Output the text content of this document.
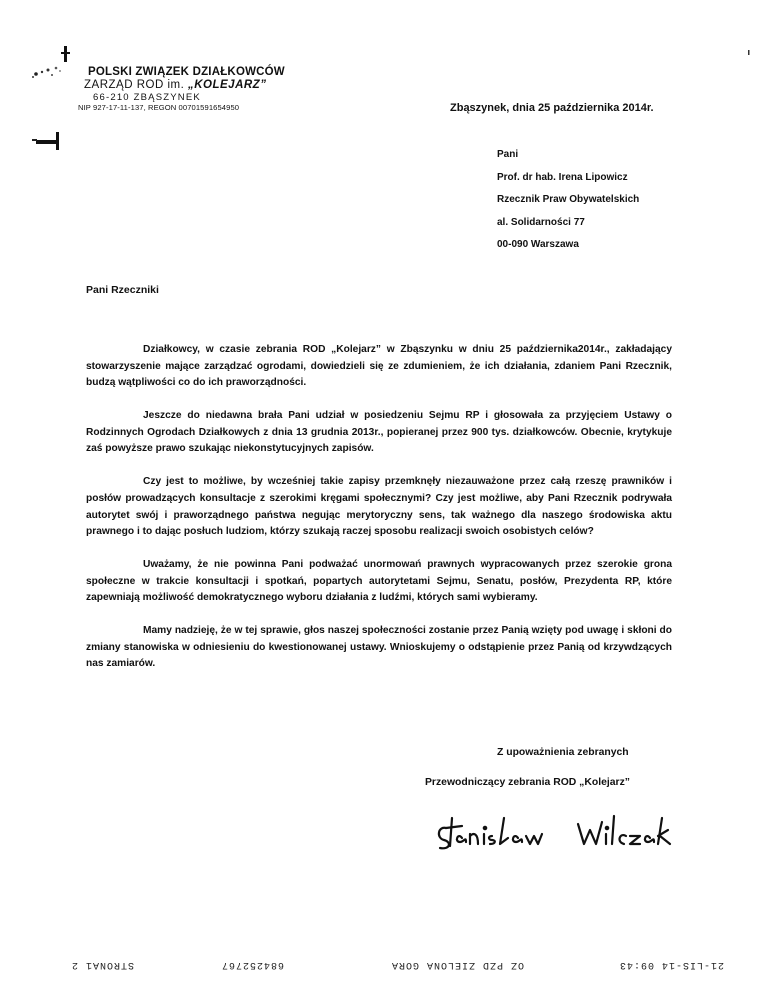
POLSKI ZWIĄZEK DZIAŁKOWCÓW
ZARZĄD ROD im. „KOLEJARZ”
66-210 ZBĄSZYNEK
NIP 927-17-11-137, REGON 00701591654950	Zbąszynek, dnia 25 października 2014r.
Pani
Prof. dr hab. Irena Lipowicz
Rzecznik Praw Obywatelskich
al. Solidarności 77
00-090 Warszawa
Pani Rzeczniki

Działkowcy, w czasie zebrania ROD „Kolejarz” w Zbąszynku w dniu 25 października2014r., zakładający stowarzyszenie mające zarządzać ogrodami, dowiedzieli się ze zdumieniem, że ich działania, zdaniem Pani Rzecznik, budzą wątpliwości co do ich praworządności.

Jeszcze do niedawna brała Pani udział w posiedzeniu Sejmu RP i głosowała za przyjęciem Ustawy o Rodzinnych Ogrodach Działkowych z dnia 13 grudnia 2013r., popieranej przez 900 tys. działkowców. Obecnie, krytykuje zaś powyższe prawo szukając niekonstytucyjnych zapisów.

Czy jest to możliwe, by wcześniej takie zapisy przemknęły niezauważone przez całą rzeszę prawników i posłów prowadzących konsultacje z szerokimi kręgami społecznymi? Czy jest możliwe, aby Pani Rzecznik podrywała autorytet swój i praworządnego państwa negując merytoryczny sens, tak ważnego dla naszego środowiska aktu prawnego i to dając posłuch ludziom, którzy szukają raczej sposobu realizacji swoich osobistych celów?

Uważamy, że nie powinna Pani podważać unormowań prawnych wypracowanych przez szerokie grona społeczne w trakcie konsultacji i spotkań, popartych autorytetami Sejmu, Senatu, posłów, Prezydenta RP, które zapewniają możliwość demokratycznego wyboru działania z ludźmi, których sami wybieramy.

Mamy nadzieję, że w tej sprawie, głos naszej społeczności zostanie przez Panią wzięty pod uwagę i skłoni do zmiany stanowiska w odniesieniu do kwestionowanej ustawy. Wnioskujemy o odstąpienie przez Panią od krzywdzących nas zamiarów.

Z upoważnienia zebranych
Przewodniczący zebrania ROD „Kolejarz”
21-LIS-14 09:43
OZ PZD ZIELONA GORA
684252767
STRONA1 2
